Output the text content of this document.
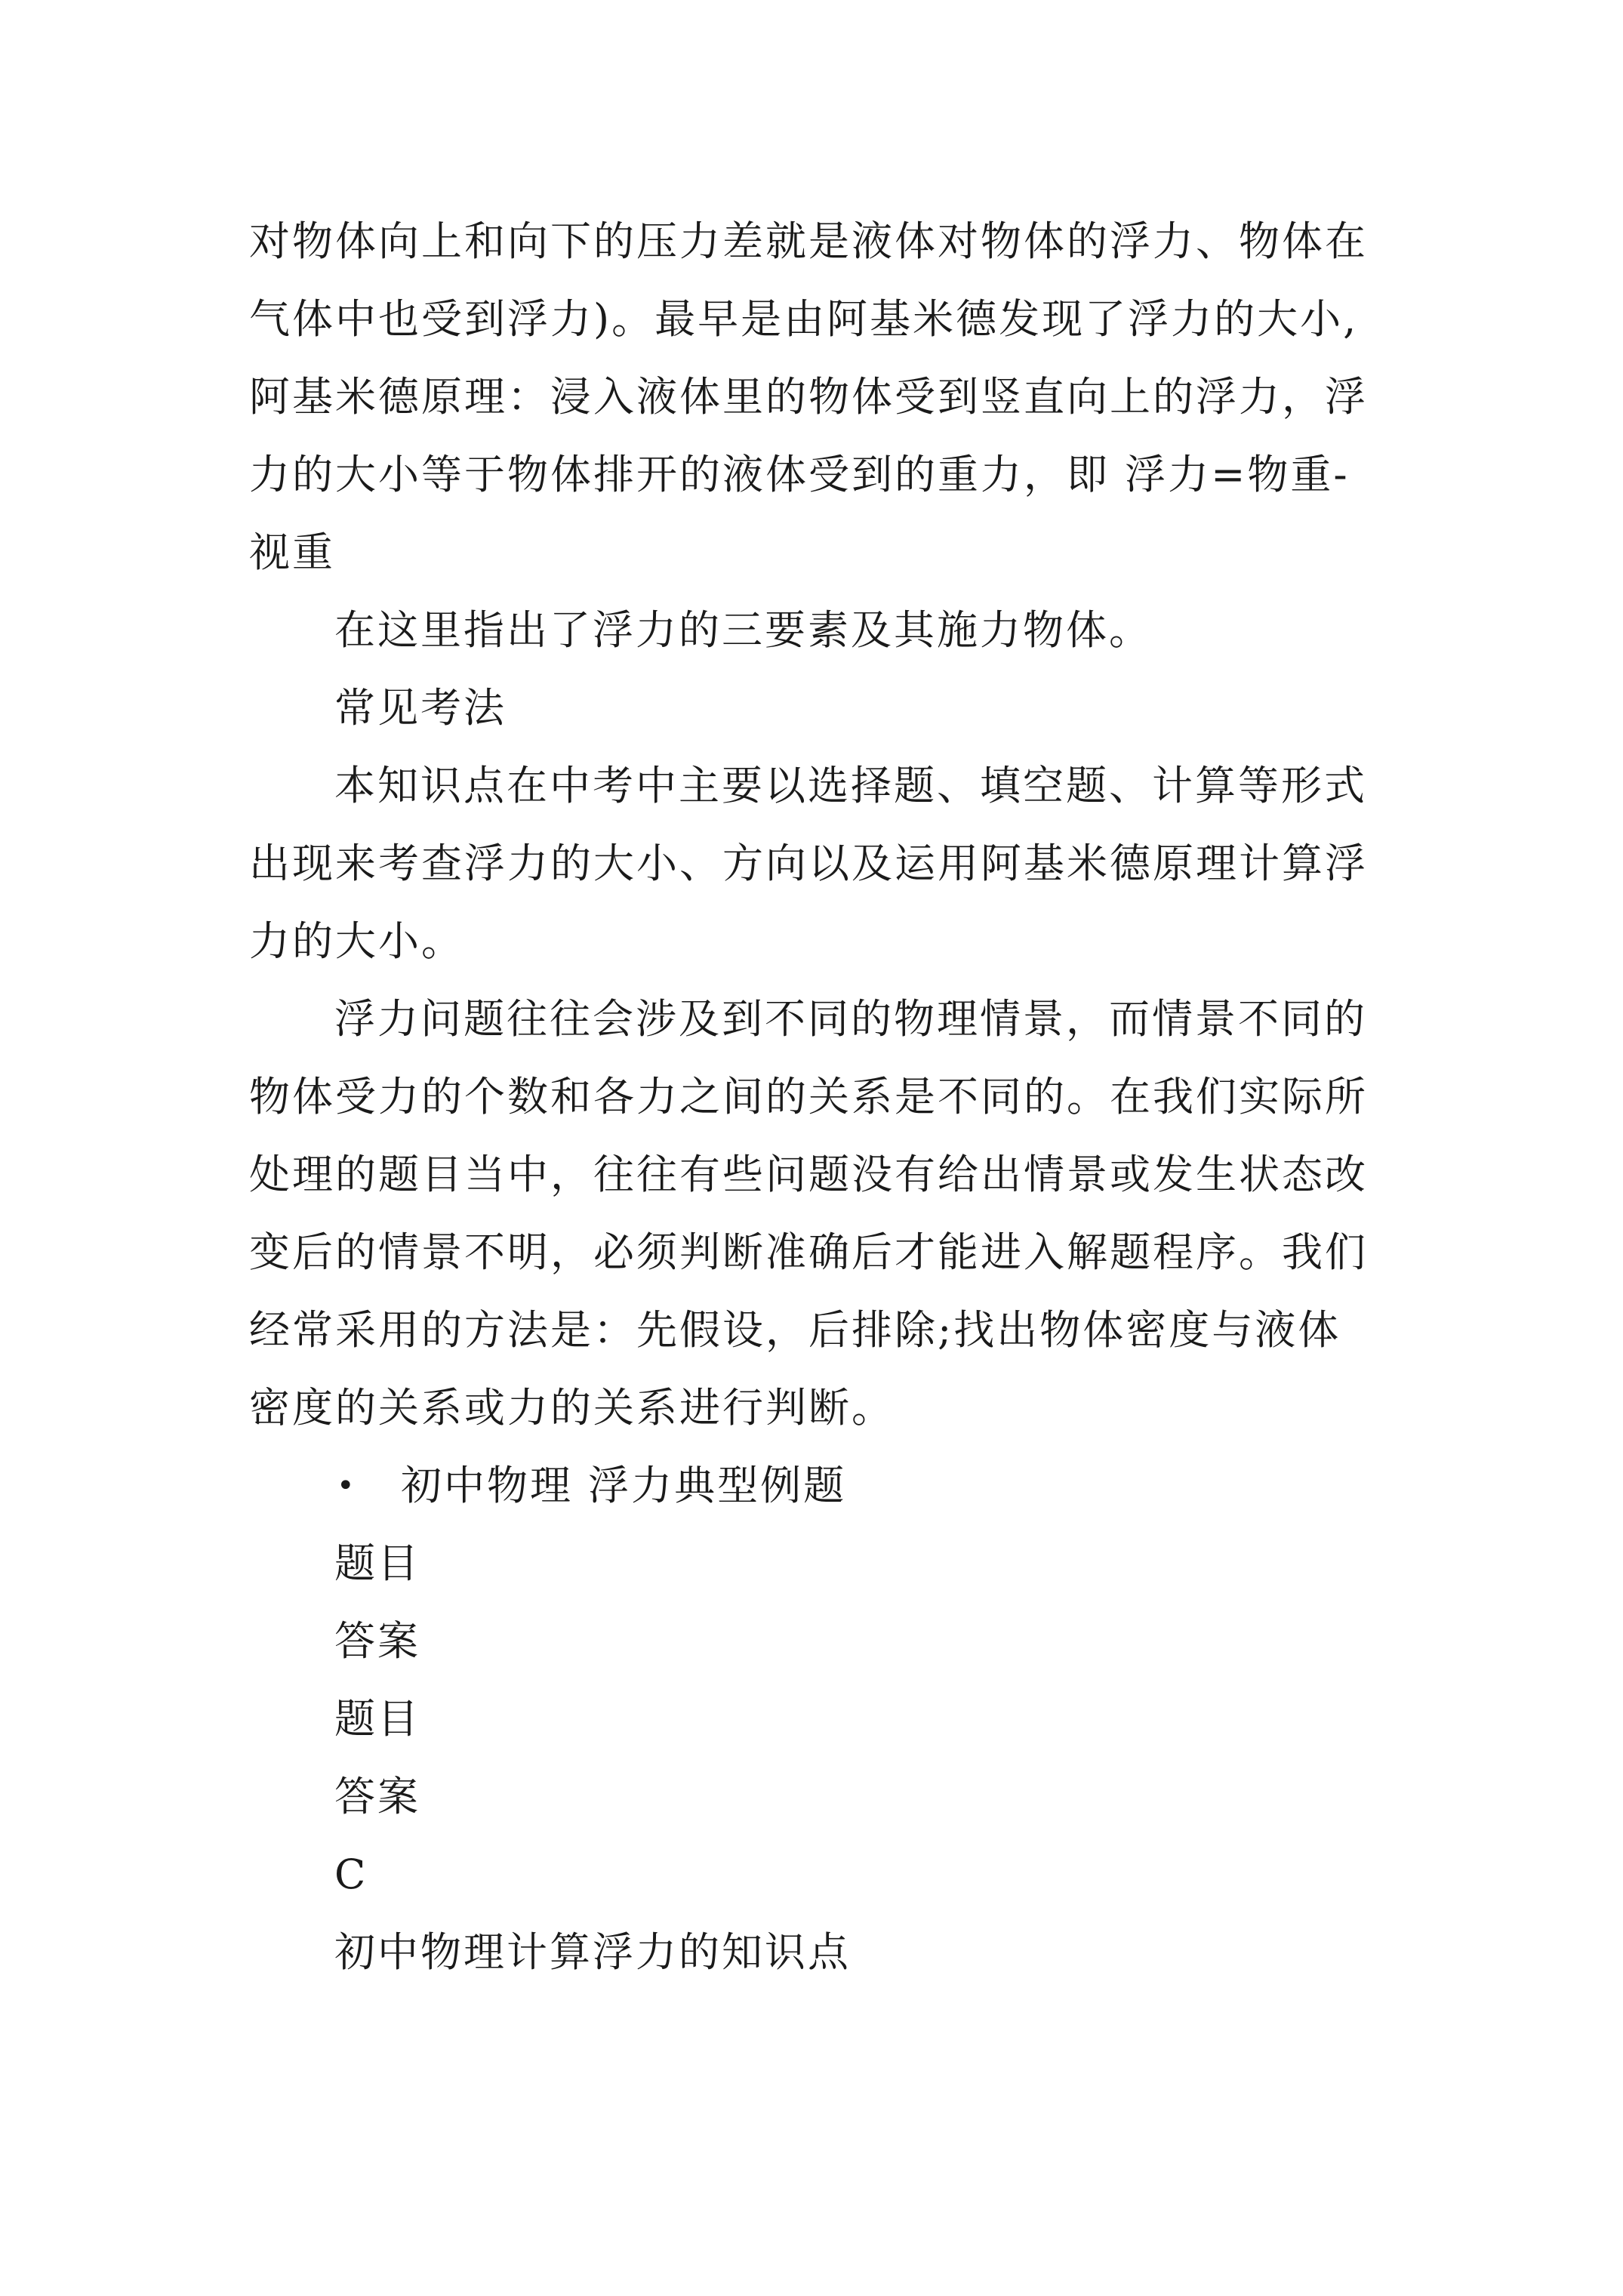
对物体向上和向下的压力差就是液体对物体的浮力、物体在

气体中也受到浮力)。最早是由阿基米德发现了浮力的大小,

阿基米德原理：浸入液体里的物体受到竖直向上的浮力，浮

力的大小等于物体排开的液体受到的重力，即 浮力=物重-

视重

在这里指出了浮力的三要素及其施力物体。

常见考法

本知识点在中考中主要以选择题、填空题、计算等形式

出现来考查浮力的大小、方向以及运用阿基米德原理计算浮

力的大小。

浮力问题往往会涉及到不同的物理情景，而情景不同的

物体受力的个数和各力之间的关系是不同的。在我们实际所

处理的题目当中，往往有些问题没有给出情景或发生状态改

变后的情景不明，必须判断准确后才能进入解题程序。我们

经常采用的方法是：先假设，后排除;找出物体密度与液体

密度的关系或力的关系进行判断。

• 初中物理 浮力典型例题

题目

答案

题目

答案

C

初中物理计算浮力的知识点
